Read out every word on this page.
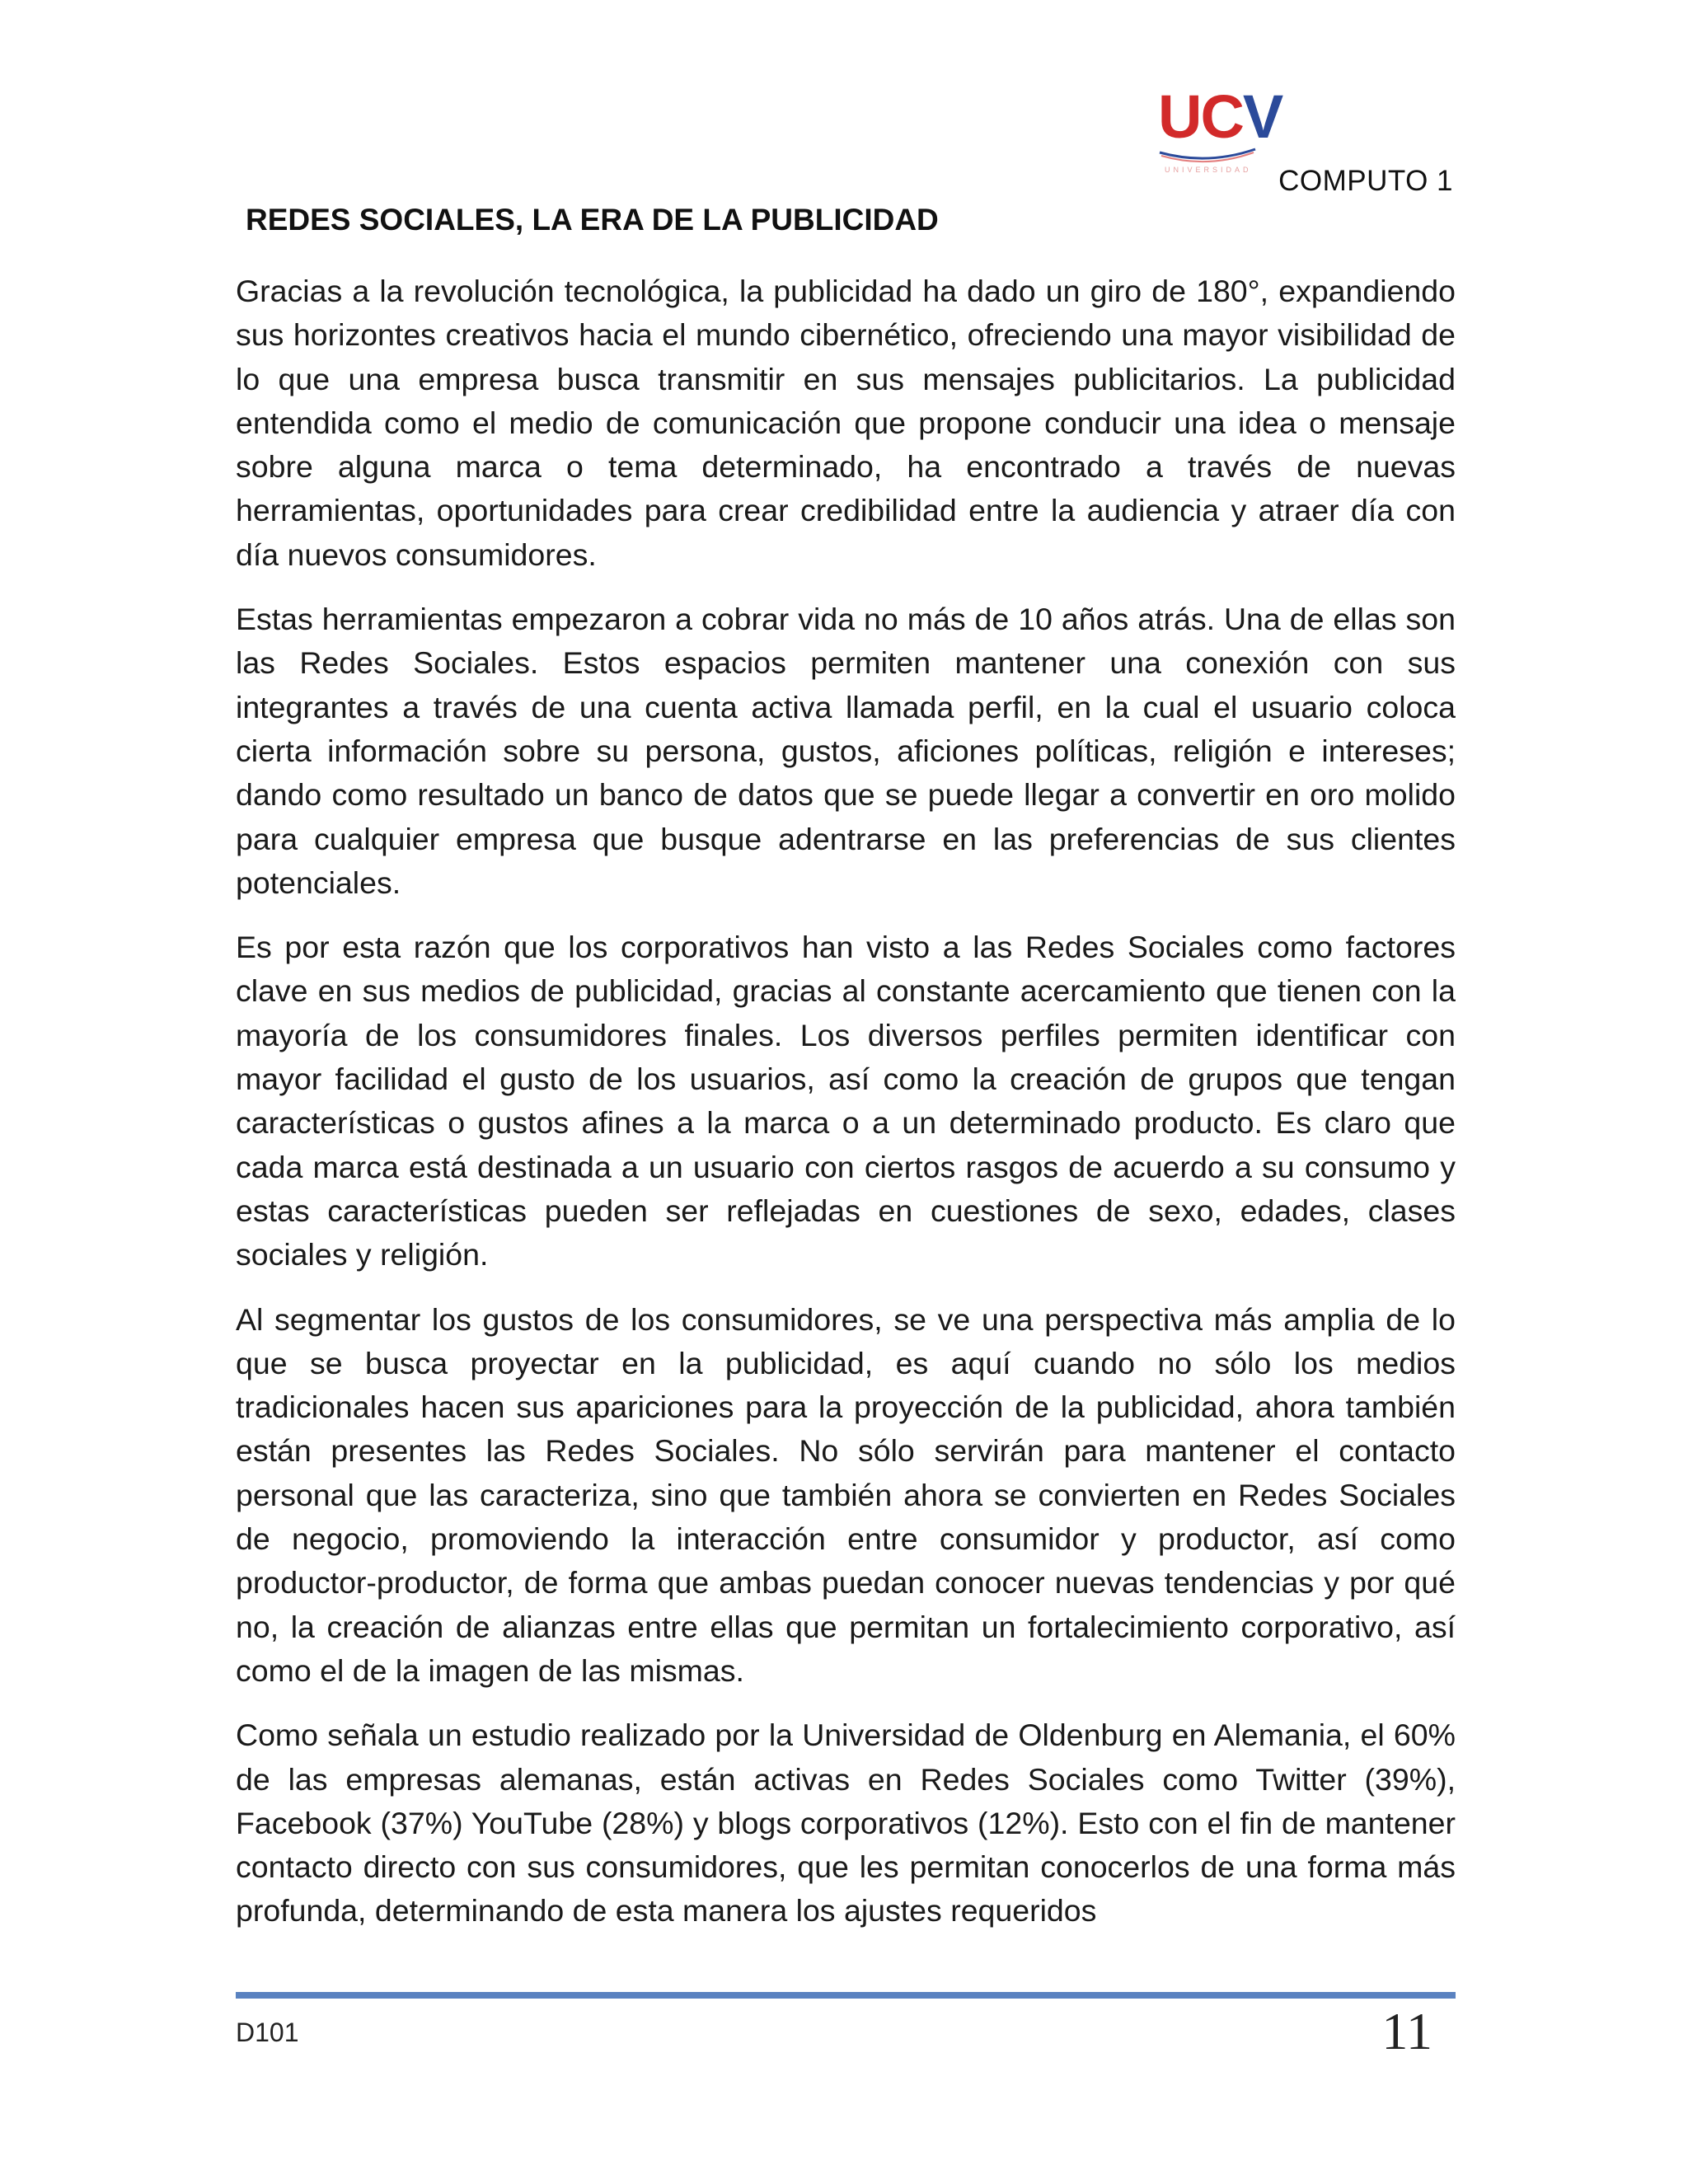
UCV
UNIVERSIDAD COMPUTO 1
REDES SOCIALES, LA ERA DE LA PUBLICIDAD

Gracias a la revolución tecnológica, la publicidad ha dado un giro de 180°, expandiendo sus horizontes creativos hacia el mundo cibernético, ofreciendo una mayor visibilidad de lo que una empresa busca transmitir en sus mensajes publicitarios. La publicidad entendida como el medio de comunicación que propone conducir una idea o mensaje sobre alguna marca o tema determinado, ha encontrado a través de nuevas herramientas, oportunidades para crear credibilidad entre la audiencia y atraer día con día nuevos consumidores.

Estas herramientas empezaron a cobrar vida no más de 10 años atrás. Una de ellas son las Redes Sociales. Estos espacios permiten mantener una conexión con sus integrantes a través de una cuenta activa llamada perfil, en la cual el usuario coloca cierta información sobre su persona, gustos, aficiones políticas, religión e intereses; dando como resultado un banco de datos que se puede llegar a convertir en oro molido para cualquier empresa que busque adentrarse en las preferencias de sus clientes potenciales.

Es por esta razón que los corporativos han visto a las Redes Sociales como factores clave en sus medios de publicidad, gracias al constante acercamiento que tienen con la mayoría de los consumidores finales. Los diversos perfiles permiten identificar con mayor facilidad el gusto de los usuarios, así como la creación de grupos que tengan características o gustos afines a la marca o a un determinado producto. Es claro que cada marca está destinada a un usuario con ciertos rasgos de acuerdo a su consumo y estas características pueden ser reflejadas en cuestiones de sexo, edades, clases sociales y religión.

Al segmentar los gustos de los consumidores, se ve una perspectiva más amplia de lo que se busca proyectar en la publicidad, es aquí cuando no sólo los medios tradicionales hacen sus apariciones para la proyección de la publicidad, ahora también están presentes las Redes Sociales. No sólo servirán para mantener el contacto personal que las caracteriza, sino que también ahora se convierten en Redes Sociales de negocio, promoviendo la interacción entre consumidor y productor, así como productor-productor, de forma que ambas puedan conocer nuevas tendencias y por qué no, la creación de alianzas entre ellas que permitan un fortalecimiento corporativo, así como el de la imagen de las mismas.

Como señala un estudio realizado por la Universidad de Oldenburg en Alemania, el 60% de las empresas alemanas, están activas en Redes Sociales como Twitter (39%), Facebook (37%) YouTube (28%) y blogs corporativos (12%). Esto con el fin de mantener contacto directo con sus consumidores, que les permitan conocerlos de una forma más profunda, determinando de esta manera los ajustes requeridos

D101	11
